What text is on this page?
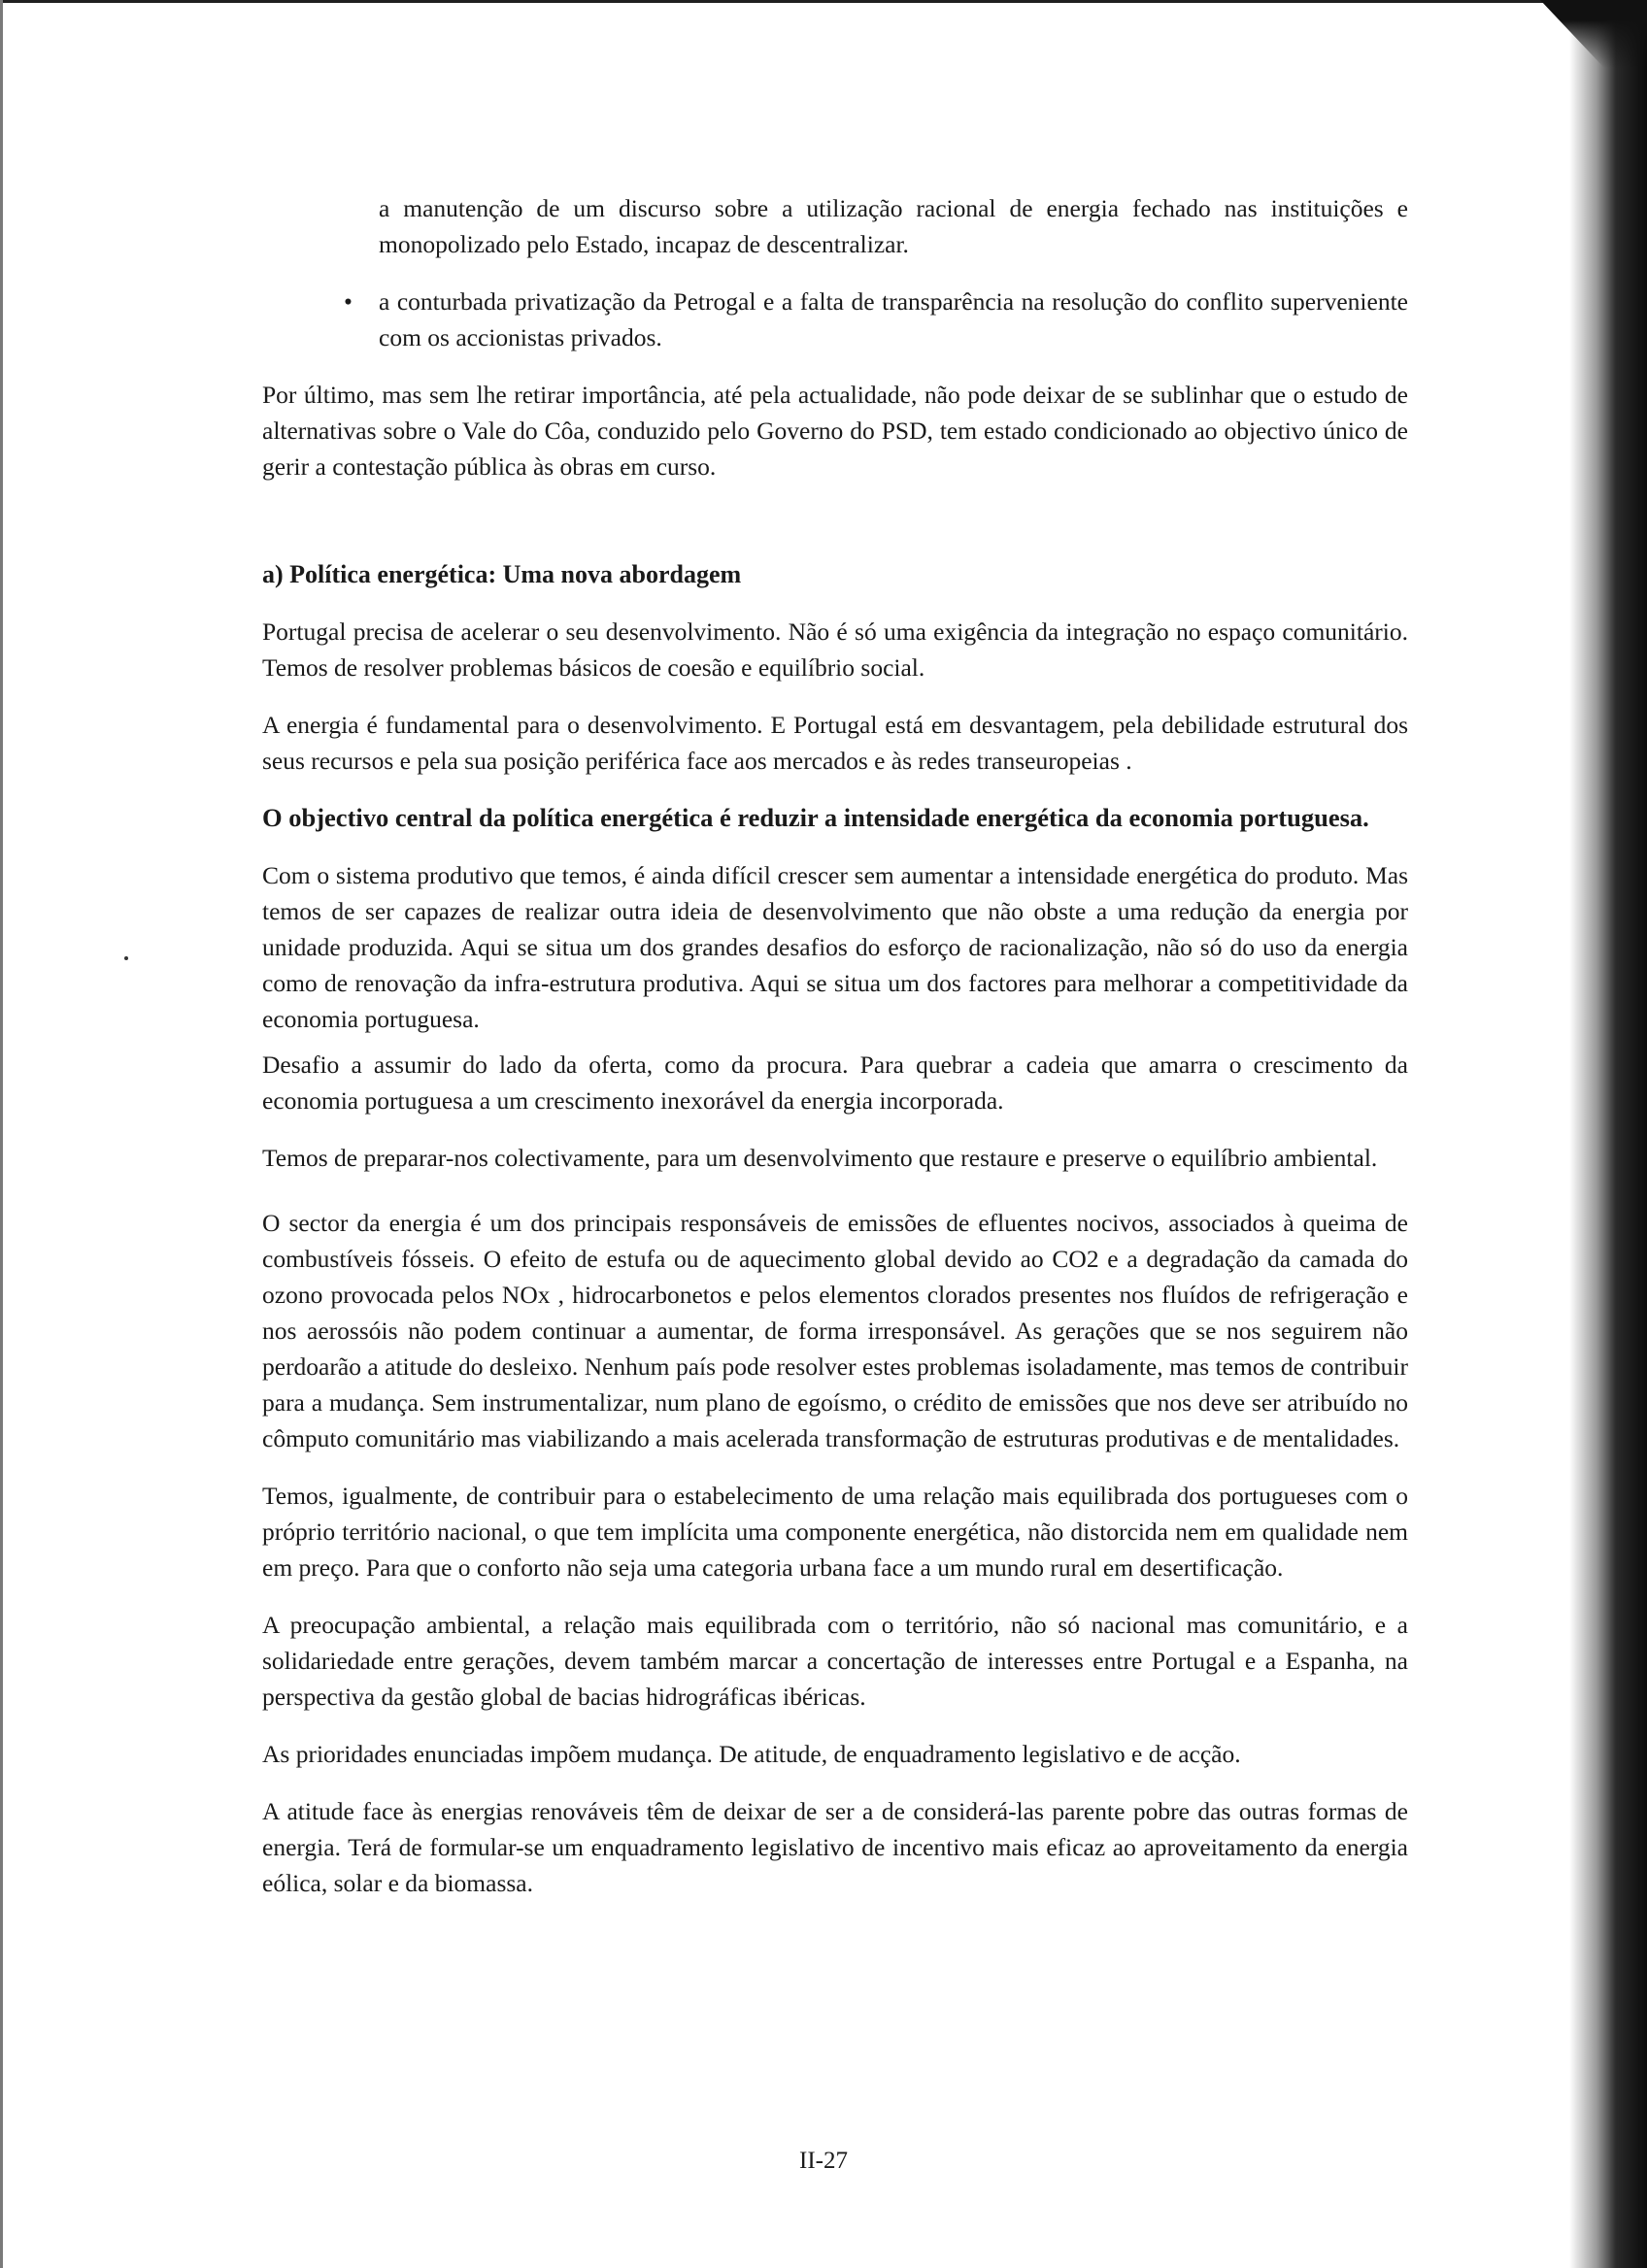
a manutenção de um discurso sobre a utilização racional de energia fechado nas instituições e monopolizado pelo Estado, incapaz de descentralizar.

• a conturbada privatização da Petrogal e a falta de transparência na resolução do conflito superveniente com os accionistas privados.

Por último, mas sem lhe retirar importância, até pela actualidade, não pode deixar de se sublinhar que o estudo de alternativas sobre o Vale do Côa, conduzido pelo Governo do PSD, tem estado condicionado ao objectivo único de gerir a contestação pública às obras em curso.

a) Política energética: Uma nova abordagem

Portugal precisa de acelerar o seu desenvolvimento. Não é só uma exigência da integração no espaço comunitário. Temos de resolver problemas básicos de coesão e equilíbrio social.

A energia é fundamental para o desenvolvimento. E Portugal está em desvantagem, pela debilidade estrutural dos seus recursos e pela sua posição periférica face aos mercados e às redes transeuropeias .

O objectivo central da política energética é reduzir a intensidade energética da economia portuguesa.

Com o sistema produtivo que temos, é ainda difícil crescer sem aumentar a intensidade energética do produto. Mas temos de ser capazes de realizar outra ideia de desenvolvimento que não obste a uma redução da energia por unidade produzida. Aqui se situa um dos grandes desafios do esforço de racionalização, não só do uso da energia como de renovação da infra-estrutura produtiva. Aqui se situa um dos factores para melhorar a competitividade da economia portuguesa.

Desafio a assumir do lado da oferta, como da procura. Para quebrar a cadeia que amarra o crescimento da economia portuguesa a um crescimento inexorável da energia incorporada.

Temos de preparar-nos colectivamente, para um desenvolvimento que restaure e preserve o equilíbrio ambiental.

O sector da energia é um dos principais responsáveis de emissões de efluentes nocivos, associados à queima de combustíveis fósseis. O efeito de estufa ou de aquecimento global devido ao CO2 e a degradação da camada do ozono provocada pelos NOx , hidrocarbonetos e pelos elementos clorados presentes nos fluídos de refrigeração e nos aerossóis não podem continuar a aumentar, de forma irresponsável. As gerações que se nos seguirem não perdoarão a atitude do desleixo. Nenhum país pode resolver estes problemas isoladamente, mas temos de contribuir para a mudança. Sem instrumentalizar, num plano de egoísmo, o crédito de emissões que nos deve ser atribuído no cômputo comunitário mas viabilizando a mais acelerada transformação de estruturas produtivas e de mentalidades.

Temos, igualmente, de contribuir para o estabelecimento de uma relação mais equilibrada dos portugueses com o próprio território nacional, o que tem implícita uma componente energética, não distorcida nem em qualidade nem em preço. Para que o conforto não seja uma categoria urbana face a um mundo rural em desertificação.

A preocupação ambiental, a relação mais equilibrada com o território, não só nacional mas comunitário, e a solidariedade entre gerações, devem também marcar a concertação de interesses entre Portugal e a Espanha, na perspectiva da gestão global de bacias hidrográficas ibéricas.

As prioridades enunciadas impõem mudança. De atitude, de enquadramento legislativo e de acção.

A atitude face às energias renováveis têm de deixar de ser a de considerá-las parente pobre das outras formas de energia. Terá de formular-se um enquadramento legislativo de incentivo mais eficaz ao aproveitamento da energia eólica, solar e da biomassa.

II-27
